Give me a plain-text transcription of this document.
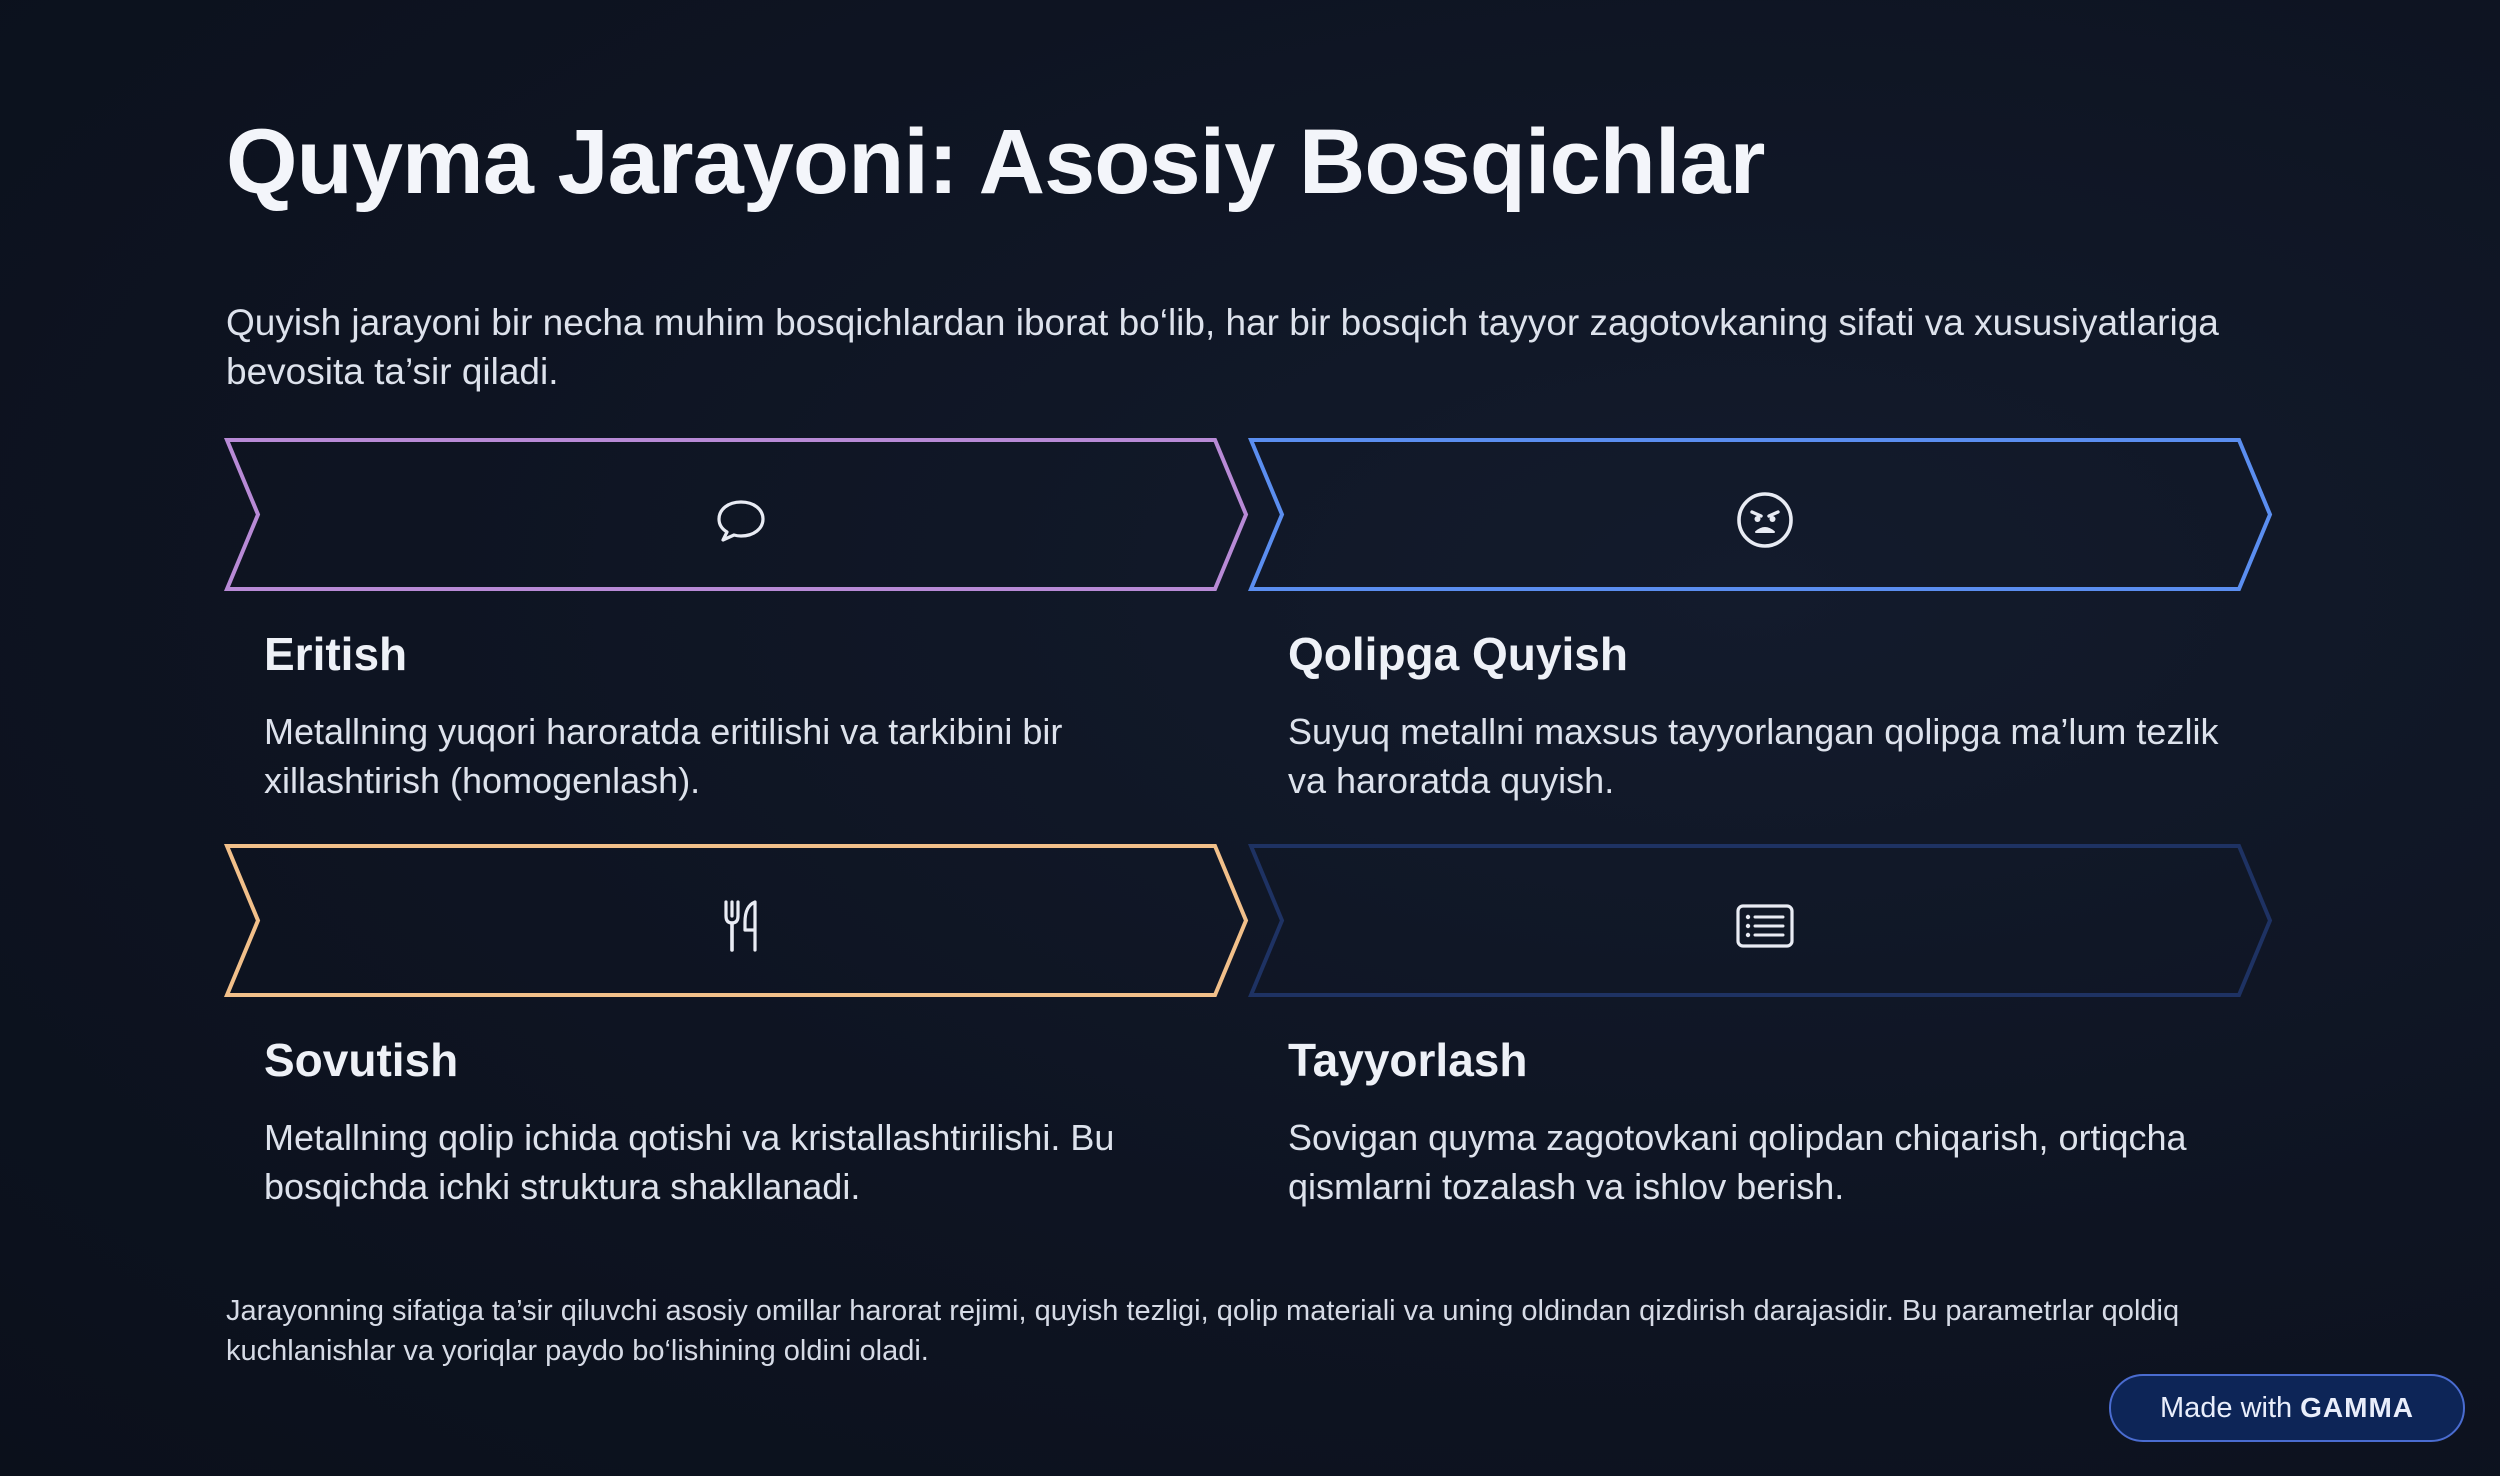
Quyma Jarayoni: Asosiy Bosqichlar

Quyish jarayoni bir necha muhim bosqichlardan iborat bo‘lib, har bir bosqich tayyor zagotovkaning sifati va xususiyatlariga bevosita ta’sir qiladi.

Eritish

Metallning yuqori haroratda eritilishi va tarkibini bir xillashtirish (homogenlash).

Qolipga Quyish

Suyuq metallni maxsus tayyorlangan qolipga ma’lum tezlik va haroratda quyish.

Sovutish

Metallning qolip ichida qotishi va kristallashtirilishi. Bu bosqichda ichki struktura shakllanadi.

Tayyorlash

Sovigan quyma zagotovkani qolipdan chiqarish, ortiqcha qismlarni tozalash va ishlov berish.

Jarayonning sifatiga ta’sir qiluvchi asosiy omillar harorat rejimi, quyish tezligi, qolip materiali va uning oldindan qizdirish darajasidir. Bu parametrlar qoldiq kuchlanishlar va yoriqlar paydo bo‘lishining oldini oladi.

Made with GAMMA
